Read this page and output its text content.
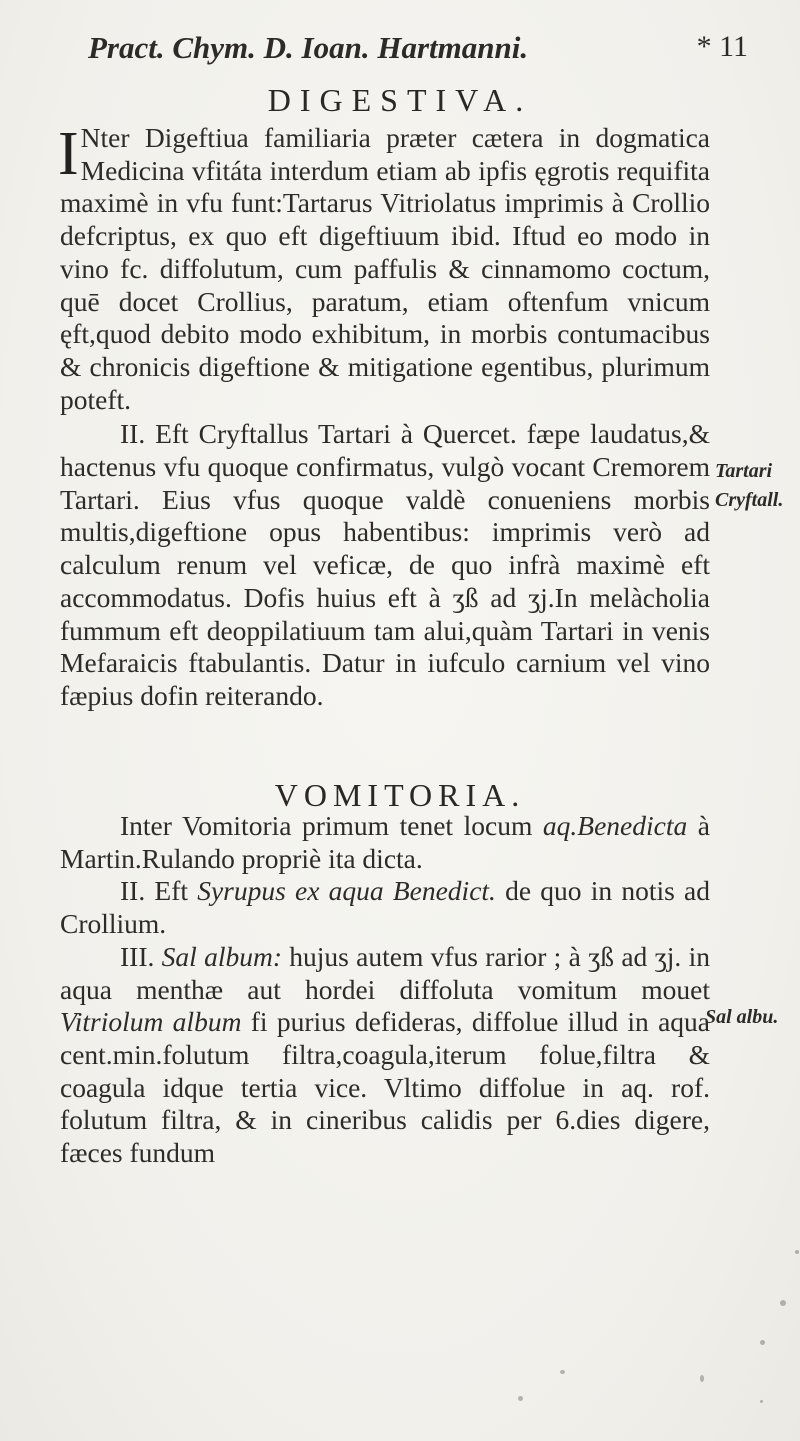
Pract. Chym. D. Ioan. Hartmanni.	* 11
DIGESTIVA.

I Nter Digeftiua familiaria præter cætera in dogmatica Medicina vfitáta interdum etiam ab ipfis ęgrotis requifita maximè in vfu funt:Tartarus Vitriolatus imprimis à Crollio defcriptus, ex quo eft digeftiuum ibid. Iftud eo modo in vino fc. diffolutum, cum paffulis & cinnamomo coctum, quē docet Crollius, paratum, etiam oftenfum vnicum ęft,quod debito modo exhibitum, in morbis contumacibus & chronicis digeftione & mitigatione egentibus, plurimum poteft.

II. Eft Cryftallus Tartari à Quercet. fæpe laudatus,& hactenus vfu quoque confirmatus, vulgò vocant Cremorem Tartari. Eius vfus quoque valdè conueniens morbis multis,digeftione opus habentibus: imprimis verò ad calculum renum vel veficæ, de quo infrà maximè eft accommodatus. Dofis huius eft à ʒß ad ʒj.In melàcholia fummum eft deoppilatiuum tam alui,quàm Tartari in venis Mefaraicis ftabulantis. Datur in iufculo carnium vel vino fæpius dofin reiterando.

VOMITORIA.

Inter Vomitoria primum tenet locum aq.Benedicta à Martin.Rulando propriè ita dicta.

II. Eft Syrupus ex aqua Benedict. de quo in notis ad Crollium.

III. Sal album: hujus autem vfus rarior ; à ʒß ad ʒj. in aqua menthæ aut hordei diffoluta vomitum mouet Vitriolum album fi purius defideras, diffolue illud in aqua cent.min.folutum filtra,coagula,iterum folue,filtra & coagula idque tertia vice. Vltimo diffolue in aq. rof. folutum filtra, & in cineribus calidis per 6.dies digere, fæces fundum

Tartari
Cryftall.
Sal albu.
